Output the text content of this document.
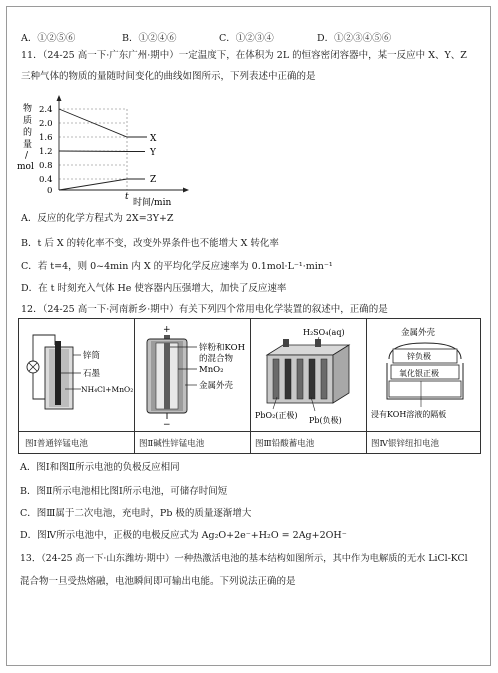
A．①②⑤⑥	B．①②④⑥	C．①②③④	D．①②③④⑤⑥
11．（24-25 高一下·广东广州·期中）一定温度下，在体积为 2L 的恒容密闭容器中，某一反应中 X、Y、Z
三种气体的物质的量随时间变化的曲线如图所示，下列表述中正确的是
物
质
的
量
/
mol
2.4
2.0
1.6
1.2
0.8
0.4
0
X
Y
Z
t
时间/min
A．反应的化学方程式为 2X=3Y+Z
B．t 后 X 的转化率不变，改变外界条件也不能增大 X 转化率
C．若 t=4，则 0~4min 内 X 的平均化学反应速率为 0.1mol·L⁻¹·min⁻¹
D．在 t 时刻充入气体 He 使容器内压强增大，加快了反应速率
12．（24-25 高一下·河南新乡·期中）有关下列四个常用电化学装置的叙述中，正确的是
锌筒
石墨
NH₄Cl+MnO₂
+
−
锌粉和KOH
的混合物
MnO₂
金属外壳
H₂SO₄(aq)
PbO₂(正极)
Pb(负极)
金属外壳
锌负极
氧化银正极
浸有KOH溶液的隔板
图Ⅰ普通锌锰电池	图Ⅱ碱性锌锰电池	图Ⅲ铅酸蓄电池	图Ⅳ银锌纽扣电池
A．图Ⅰ和图Ⅱ所示电池的负极反应相同
B．图Ⅱ所示电池相比图Ⅰ所示电池，可储存时间短
C．图Ⅲ属于二次电池，充电时，Pb 极的质量逐渐增大
D．图Ⅳ所示电池中，正极的电极反应式为 Ag₂O+2e⁻+H₂O = 2Ag+2OH⁻
13．（24-25 高一下·山东潍坊·期中）一种热激活电池的基本结构如图所示，其中作为电解质的无水 LiCl-KCl
混合物一旦受热熔融，电池瞬间即可输出电能。下列说法正确的是
